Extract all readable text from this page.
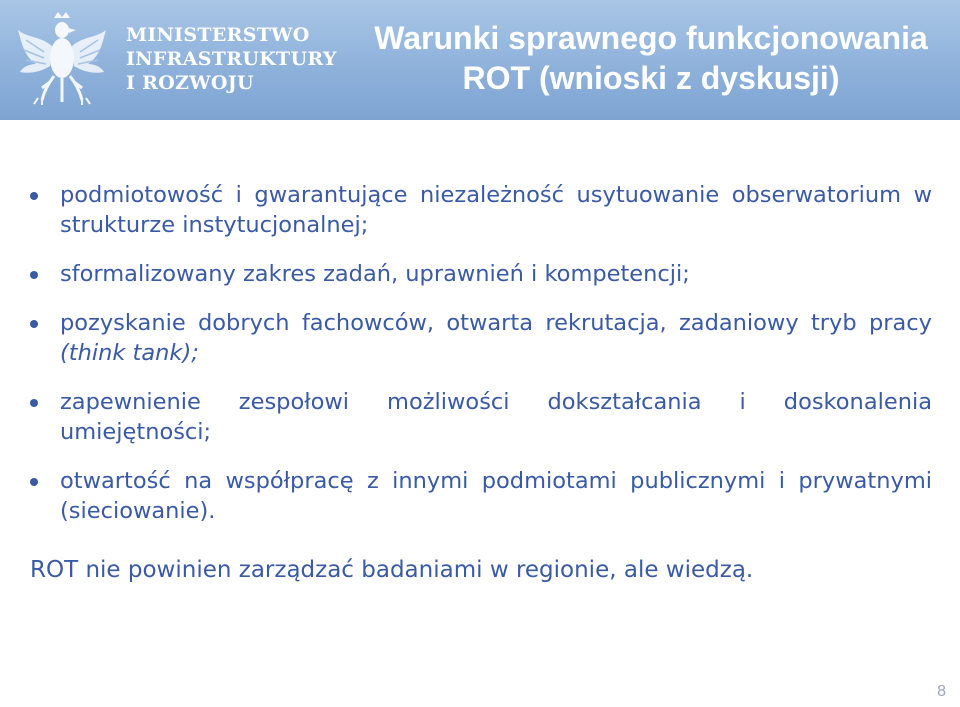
MINISTERSTWO
INFRASTRUKTURY
I ROZWOJU
Warunki sprawnego funkcjonowania
ROT (wnioski z dyskusji)
podmiotowość i gwarantujące niezależność usytuowanie obserwatorium w strukturze instytucjonalnej;
sformalizowany zakres zadań, uprawnień i kompetencji;
pozyskanie dobrych fachowców, otwarta rekrutacja, zadaniowy tryb pracy (think tank);
zapewnienie zespołowi możliwości dokształcania i doskonalenia umiejętności;
otwartość na współpracę z innymi podmiotami publicznymi i prywatnymi (sieciowanie).
ROT nie powinien zarządzać badaniami w regionie, ale wiedzą.
8
